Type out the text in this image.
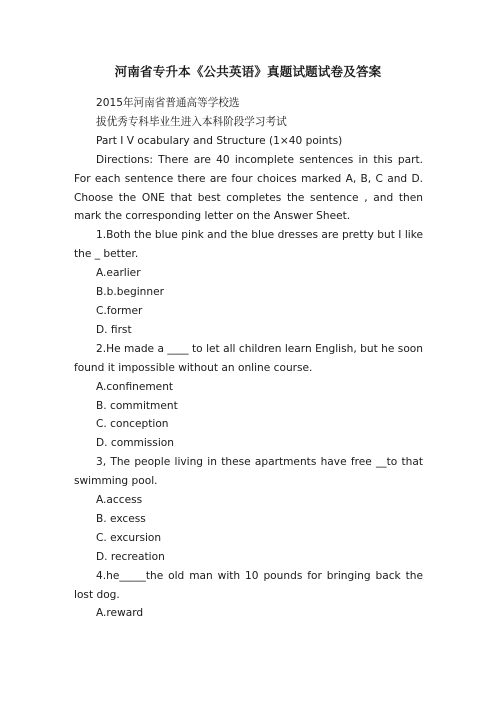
河南省专升本《公共英语》真题试题试卷及答案

2015年河南省普通高等学校选

拔优秀专科毕业生进入本科阶段学习考试

Part Ⅰ V ocabulary and Structure (1×40 points)

Directions: There are 40 incomplete sentences in this part. For each sentence there are four choices marked A, B, C and D. Choose the ONE that best completes the sentence , and then mark the corresponding letter on the Answer Sheet.

1.Both the blue pink and the blue dresses are pretty but I like the _ better.

A.earlier

B.b.beginner

C.former

D. first

2.He made a ____ to let all children learn English, but he soon found it impossible without an online course.

A.confinement

B. commitment

C. conception

D. commission

3, The people living in these apartments have free __to that swimming pool.

A.access

B. excess

C. excursion

D. recreation

4.he_____the old man with 10 pounds for bringing back the lost dog.

A.reward
